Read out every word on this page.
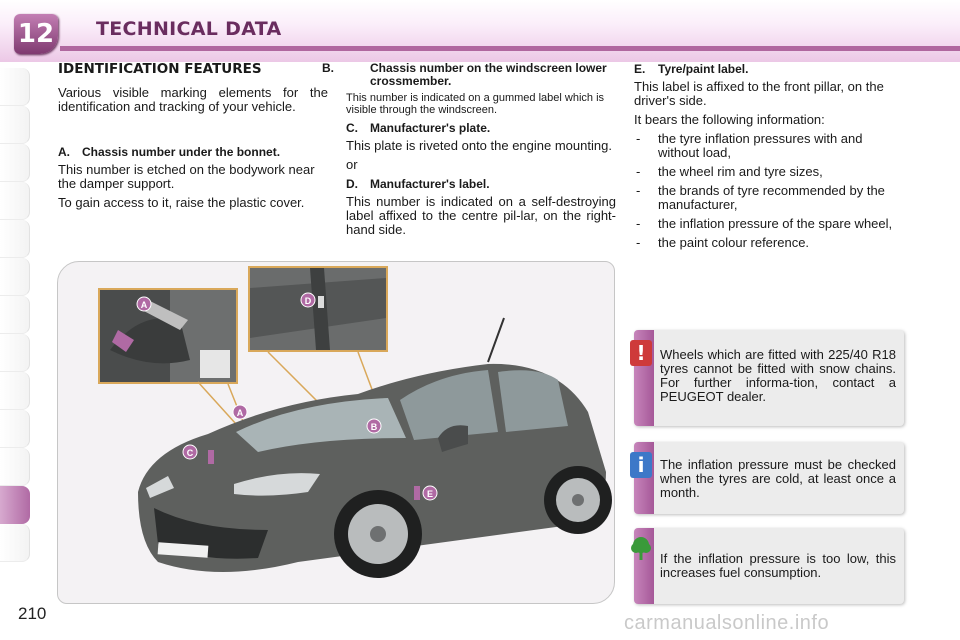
12 TECHNICAL DATA
210
IDENTIFICATION FEATURES

Various visible marking elements for the identification and tracking of your vehicle.

A. Chassis number under the bonnet.

This number is etched on the bodywork near the damper support.

To gain access to it, raise the plastic cover.

B.	Chassis number on the windscreen lower crossmember.

This number is indicated on a gummed label which is visible through the windscreen.

C. Manufacturer's plate.

This plate is riveted onto the engine mounting.

or

D. Manufacturer's label.

This number is indicated on a self-destroying label affixed to the centre pil-lar, on the right-hand side.

E. Tyre/paint label.

This label is affixed to the front pillar, on the driver's side.

It bears the following information:

- the tyre inflation pressures with and without load,
- the wheel rim and tyre sizes,
- the brands of tyre recommended by the manufacturer,
- the inflation pressure of the spare wheel,
- the paint colour reference.
A	D
A
B
C
E
!	Wheels which are fitted with 225/40 R18 tyres cannot be fitted with snow chains. For further informa-tion, contact a PEUGEOT dealer.
i	The inflation pressure must be checked when the tyres are cold, at least once a month.
If the inflation pressure is too low, this increases fuel consumption.
carmanualsonline.info
